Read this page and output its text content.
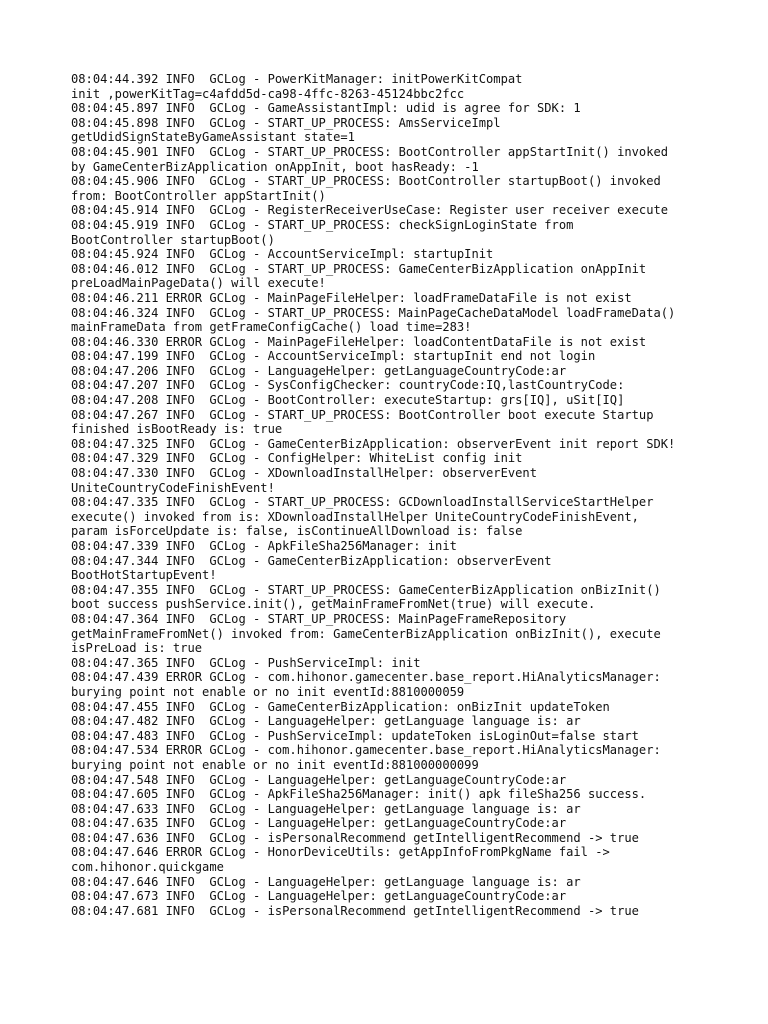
08:04:44.392 INFO  GCLog - PowerKitManager: initPowerKitCompat
init ,powerKitTag=c4afdd5d-ca98-4ffc-8263-45124bbc2fcc
08:04:45.897 INFO  GCLog - GameAssistantImpl: udid is agree for SDK: 1
08:04:45.898 INFO  GCLog - START_UP_PROCESS: AmsServiceImpl
getUdidSignStateByGameAssistant state=1
08:04:45.901 INFO  GCLog - START_UP_PROCESS: BootController appStartInit() invoked
by GameCenterBizApplication onAppInit, boot hasReady: -1
08:04:45.906 INFO  GCLog - START_UP_PROCESS: BootController startupBoot() invoked
from: BootController appStartInit()
08:04:45.914 INFO  GCLog - RegisterReceiverUseCase: Register user receiver execute
08:04:45.919 INFO  GCLog - START_UP_PROCESS: checkSignLoginState from
BootController startupBoot()
08:04:45.924 INFO  GCLog - AccountServiceImpl: startupInit
08:04:46.012 INFO  GCLog - START_UP_PROCESS: GameCenterBizApplication onAppInit
preLoadMainPageData() will execute!
08:04:46.211 ERROR GCLog - MainPageFileHelper: loadFrameDataFile is not exist
08:04:46.324 INFO  GCLog - START_UP_PROCESS: MainPageCacheDataModel loadFrameData()
mainFrameData from getFrameConfigCache() load time=283!
08:04:46.330 ERROR GCLog - MainPageFileHelper: loadContentDataFile is not exist
08:04:47.199 INFO  GCLog - AccountServiceImpl: startupInit end not login
08:04:47.206 INFO  GCLog - LanguageHelper: getLanguageCountryCode:ar
08:04:47.207 INFO  GCLog - SysConfigChecker: countryCode:IQ,lastCountryCode:
08:04:47.208 INFO  GCLog - BootController: executeStartup: grs[IQ], uSit[IQ]
08:04:47.267 INFO  GCLog - START_UP_PROCESS: BootController boot execute Startup
finished isBootReady is: true
08:04:47.325 INFO  GCLog - GameCenterBizApplication: observerEvent init report SDK!
08:04:47.329 INFO  GCLog - ConfigHelper: WhiteList config init
08:04:47.330 INFO  GCLog - XDownloadInstallHelper: observerEvent
UniteCountryCodeFinishEvent!
08:04:47.335 INFO  GCLog - START_UP_PROCESS: GCDownloadInstallServiceStartHelper
execute() invoked from is: XDownloadInstallHelper UniteCountryCodeFinishEvent,
param isForceUpdate is: false, isContinueAllDownload is: false
08:04:47.339 INFO  GCLog - ApkFileSha256Manager: init
08:04:47.344 INFO  GCLog - GameCenterBizApplication: observerEvent
BootHotStartupEvent!
08:04:47.355 INFO  GCLog - START_UP_PROCESS: GameCenterBizApplication onBizInit()
boot success pushService.init(), getMainFrameFromNet(true) will execute.
08:04:47.364 INFO  GCLog - START_UP_PROCESS: MainPageFrameRepository
getMainFrameFromNet() invoked from: GameCenterBizApplication onBizInit(), execute
isPreLoad is: true
08:04:47.365 INFO  GCLog - PushServiceImpl: init
08:04:47.439 ERROR GCLog - com.hihonor.gamecenter.base_report.HiAnalyticsManager:
burying point not enable or no init eventId:8810000059
08:04:47.455 INFO  GCLog - GameCenterBizApplication: onBizInit updateToken
08:04:47.482 INFO  GCLog - LanguageHelper: getLanguage language is: ar
08:04:47.483 INFO  GCLog - PushServiceImpl: updateToken isLoginOut=false start
08:04:47.534 ERROR GCLog - com.hihonor.gamecenter.base_report.HiAnalyticsManager:
burying point not enable or no init eventId:881000000099
08:04:47.548 INFO  GCLog - LanguageHelper: getLanguageCountryCode:ar
08:04:47.605 INFO  GCLog - ApkFileSha256Manager: init() apk fileSha256 success.
08:04:47.633 INFO  GCLog - LanguageHelper: getLanguage language is: ar
08:04:47.635 INFO  GCLog - LanguageHelper: getLanguageCountryCode:ar
08:04:47.636 INFO  GCLog - isPersonalRecommend getIntelligentRecommend -> true
08:04:47.646 ERROR GCLog - HonorDeviceUtils: getAppInfoFromPkgName fail ->
com.hihonor.quickgame
08:04:47.646 INFO  GCLog - LanguageHelper: getLanguage language is: ar
08:04:47.673 INFO  GCLog - LanguageHelper: getLanguageCountryCode:ar
08:04:47.681 INFO  GCLog - isPersonalRecommend getIntelligentRecommend -> true
